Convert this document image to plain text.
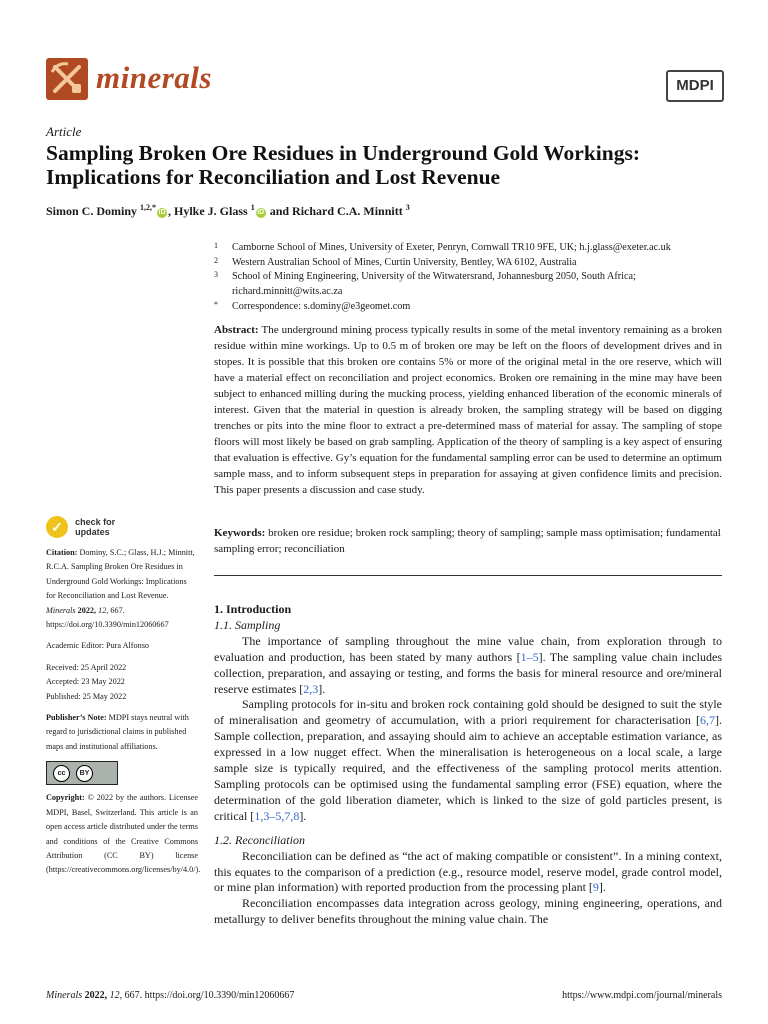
minerals	MDPI
Article
Sampling Broken Ore Residues in Underground Gold Workings: Implications for Reconciliation and Lost Revenue
Simon C. Dominy $^{1,2,*}$iD , Hylke J. Glass $^1$iD and Richard C.A. Minnitt $^3$
1 Camborne School of Mines, University of Exeter, Penryn, Cornwall TR10 9FE, UK; h.j.glass@exeter.ac.uk
2 Western Australian School of Mines, Curtin University, Bentley, WA 6102, Australia
3 School of Mining Engineering, University of the Witwatersrand, Johannesburg 2050, South Africa; richard.minnitt@wits.ac.za
* Correspondence: s.dominy@e3geomet.com
Abstract: The underground mining process typically results in some of the metal inventory remaining as a broken residue within mine workings. Up to 0.5 m of broken ore may be left on the floors of development drives and in stopes. It is possible that this broken ore contains 5% or more of the original metal in the ore reserve, which will have a material effect on reconciliation and project economics. Broken ore remaining in the mine may have been subject to enhanced milling during the mucking process, yielding enhanced liberation of the economic minerals of interest. Given that the material in question is already broken, the sampling strategy will be based on digging trenches or pits into the mine floor to extract a pre-determined mass of material for assay. The sampling of stope floors will most likely be based on grab sampling. Application of the theory of sampling is a key aspect of ensuring that evaluation is effective. Gy’s equation for the fundamental sampling error can be used to determine an optimum sample mass, and to inform subsequent steps in preparation for assaying at given confidence limits and precision. This paper presents a discussion and case study.
Keywords: broken ore residue; broken rock sampling; theory of sampling; sample mass optimisation; fundamental sampling error; reconciliation
✓ check for
updates
Citation: Dominy, S.C.; Glass, H.J.; Minnitt, R.C.A. Sampling Broken Ore Residues in Underground Gold Workings: Implications for Reconciliation and Lost Revenue. Minerals 2022, 12, 667. https://doi.org/10.3390/min12060667
Academic Editor: Pura Alfonso
Received: 25 April 2022
Accepted: 23 May 2022
Published: 25 May 2022
Publisher’s Note: MDPI stays neutral with regard to jurisdictional claims in published maps and institutional affiliations.
cc	BY
Copyright: © 2022 by the authors. Licensee MDPI, Basel, Switzerland. This article is an open access article distributed under the terms and conditions of the Creative Commons Attribution (CC BY) license (https://creativecommons.org/licenses/by/4.0/).
1. Introduction
1.1. Sampling

The importance of sampling throughout the mine value chain, from exploration through to evaluation and production, has been stated by many authors [1–5]. The sampling value chain includes collection, preparation, and assaying or testing, and forms the basis for mineral resource and ore/mineral reserve estimates [2,3].

Sampling protocols for in-situ and broken rock containing gold should be designed to suit the style of mineralisation and geometry of accumulation, with a priori requirement for characterisation [6,7]. Sample collection, preparation, and assaying should aim to achieve an acceptable estimation variance, as expressed in a low nugget effect. When the mineralisation is heterogeneous on a local scale, a large sample size is typically required, and the effectiveness of the sampling protocol merits attention. Sampling protocols can be optimised using the fundamental sampling error (FSE) equation, where the determination of the gold liberation diameter, which is linked to the size of gold particles present, is critical [1,3–5,7,8].

1.2. Reconciliation

Reconciliation can be defined as “the act of making compatible or consistent”. In a mining context, this equates to the comparison of a prediction (e.g., resource model, reserve model, grade control model, or mine plan information) with reported production from the processing plant [9].

Reconciliation encompasses data integration across geology, mining engineering, operations, and metallurgy to deliver benefits throughout the mining value chain. The

Minerals 2022, 12, 667. https://doi.org/10.3390/min12060667	https://www.mdpi.com/journal/minerals
